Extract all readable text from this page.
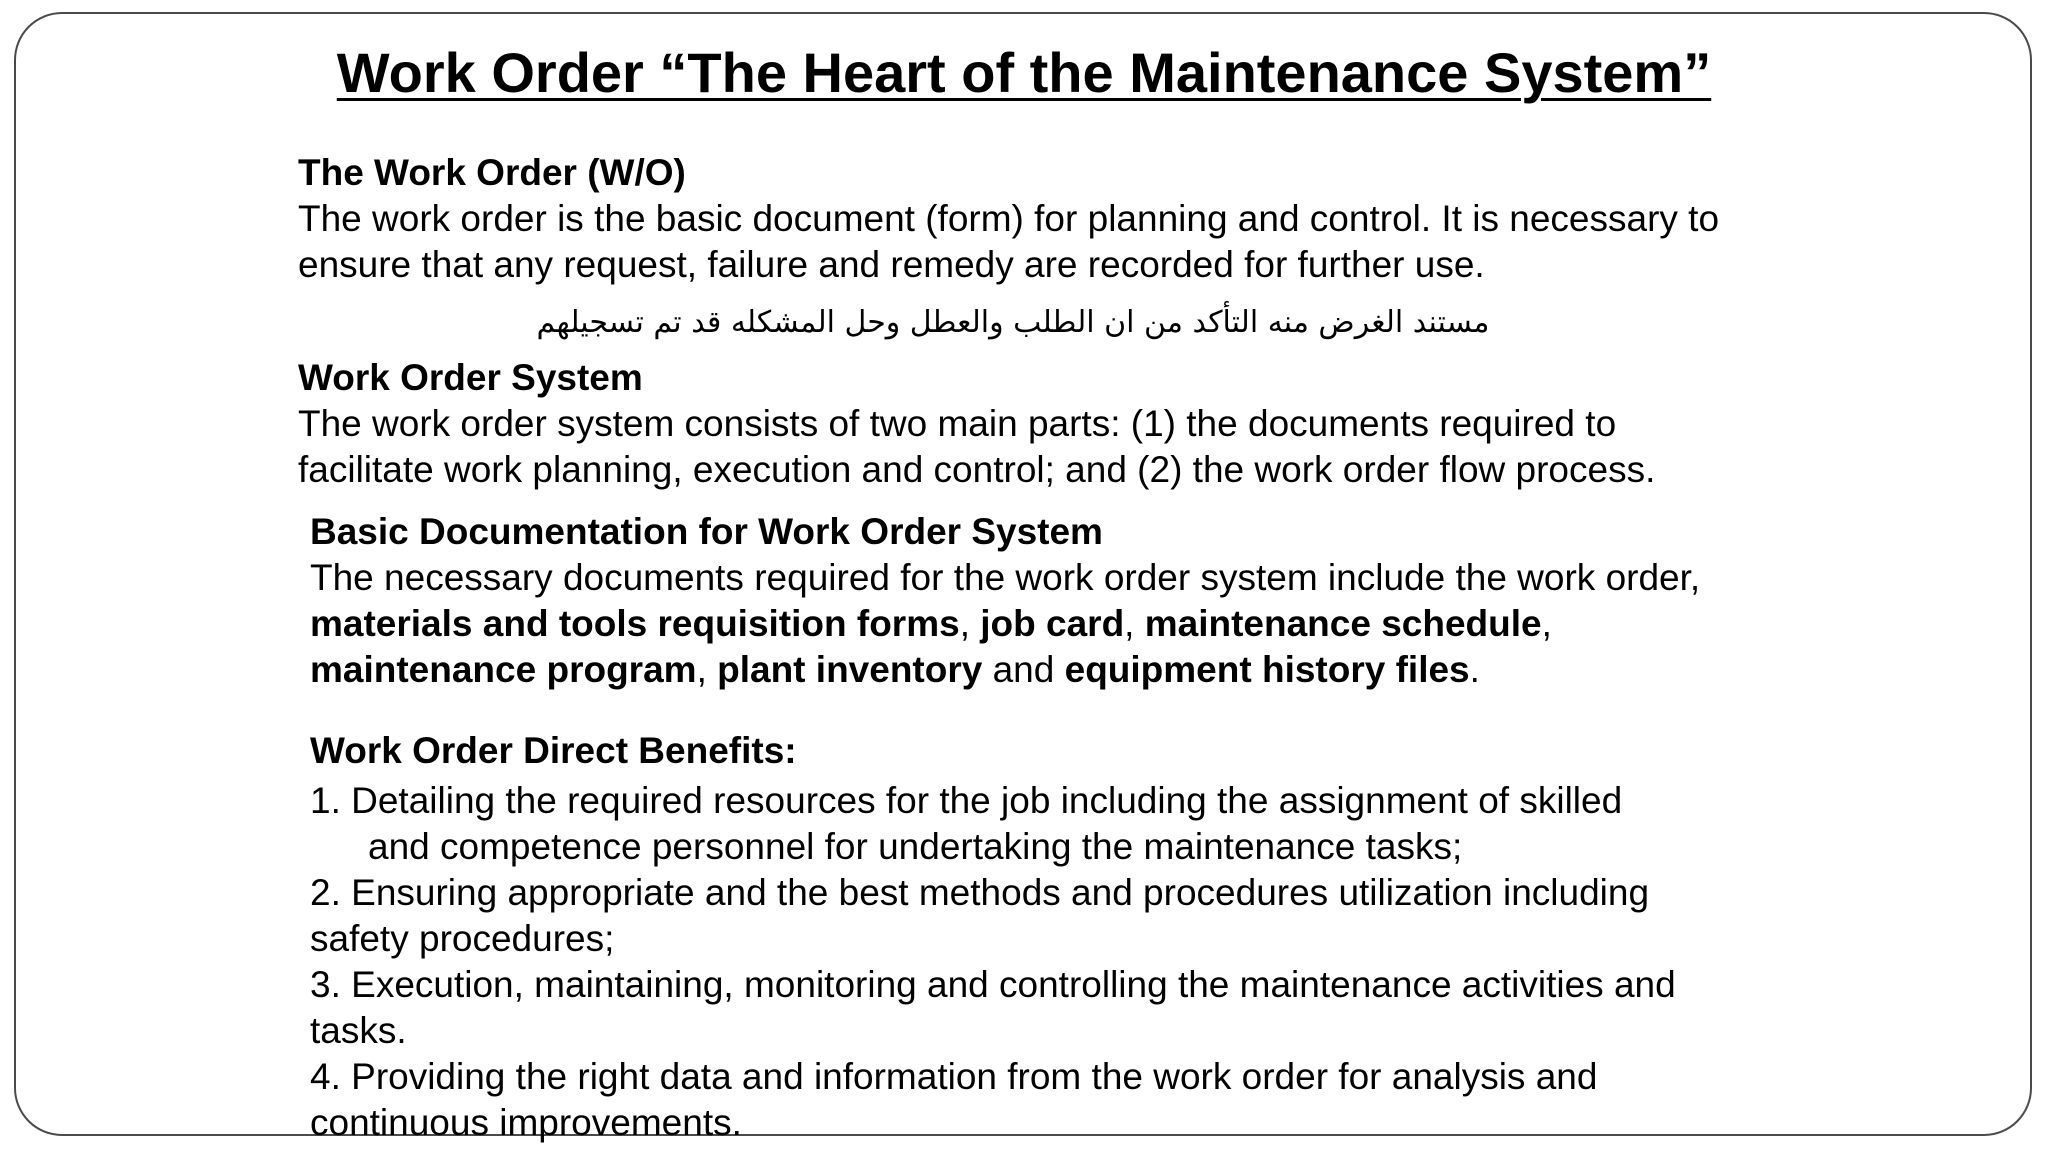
Work Order “The Heart of the Maintenance System”
The Work Order (W/O)
The work order is the basic document (form) for planning and control. It is necessary to ensure that any request, failure and remedy are recorded for further use.

مستند الغرض منه التأكد من ان الطلب والعطل وحل المشكله قد تم تسجيلهم

Work Order System
The work order system consists of two main parts: (1) the documents required to facilitate work planning, execution and control; and (2) the work order flow process.
Basic Documentation for Work Order System
The necessary documents required for the work order system include the work order, materials and tools requisition forms, job card, maintenance schedule, maintenance program, plant inventory and equipment history files.
Work Order Direct Benefits:
1. Detailing the required resources for the job including the assignment of skilled
and competence personnel for undertaking the maintenance tasks;
2. Ensuring appropriate and the best methods and procedures utilization including safety procedures;
3. Execution, maintaining, monitoring and controlling the maintenance activities and tasks.
4. Providing the right data and information from the work order for analysis and continuous improvements.
